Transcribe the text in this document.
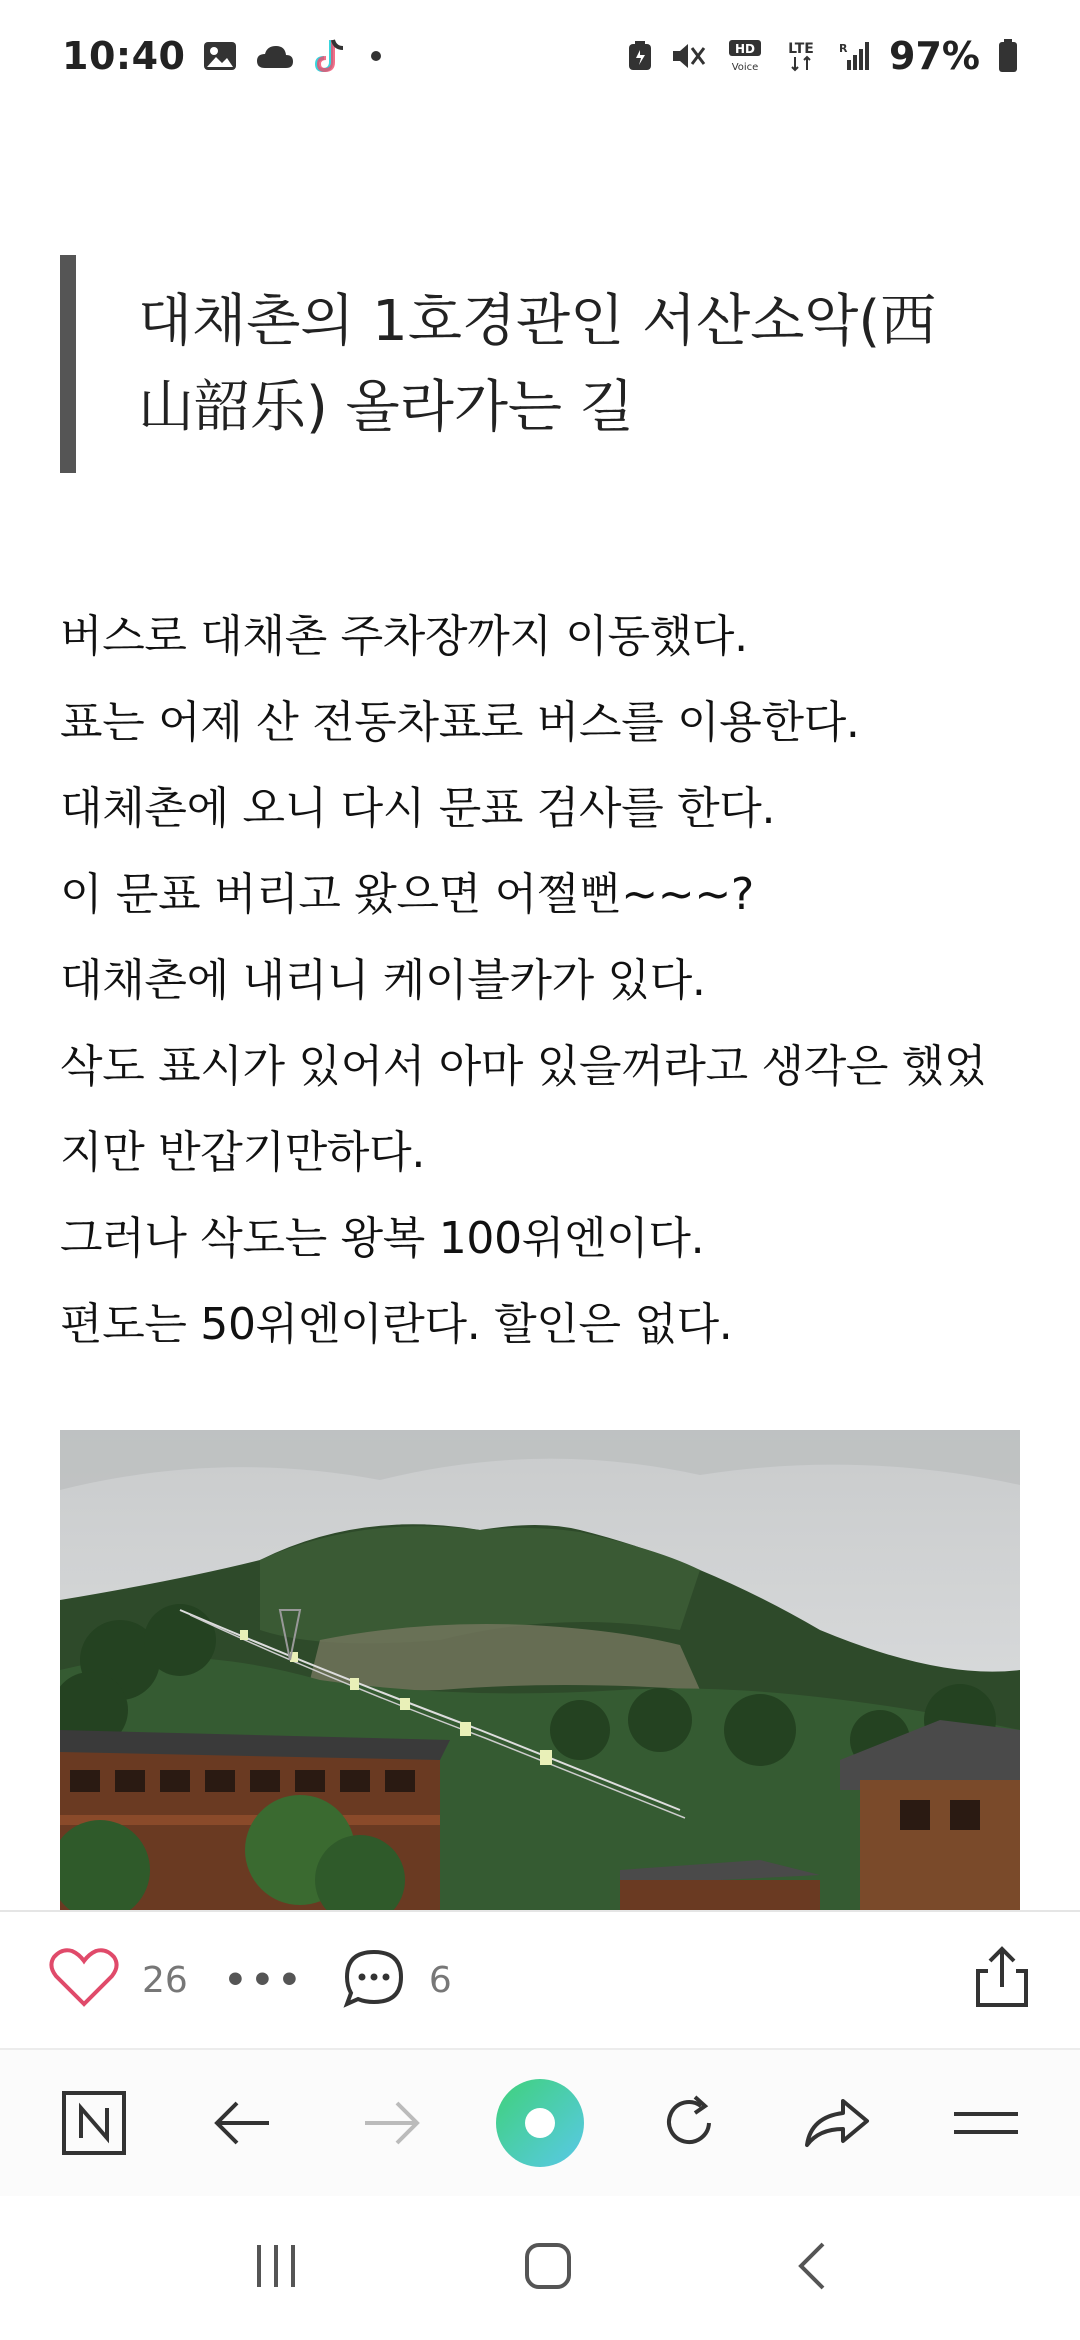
10:40	HD
Voice
LTE R 97%
대채촌의 1호경관인 서산소악(西
山韶乐) 올라가는 길

버스로 대채촌 주차장까지 이동했다.

표는 어제 산 전동차표로 버스를 이용한다.

대체촌에 오니 다시 문표 검사를 한다.

이 문표 버리고 왔으면 어쩔뻔~~~?

대채촌에 내리니 케이블카가 있다.

삭도 표시가 있어서 아마 있을꺼라고 생각은 했었

지만 반갑기만하다.

그러나 삭도는 왕복 100위엔이다.

편도는 50위엔이란다. 할인은 없다.

26 •••	6
